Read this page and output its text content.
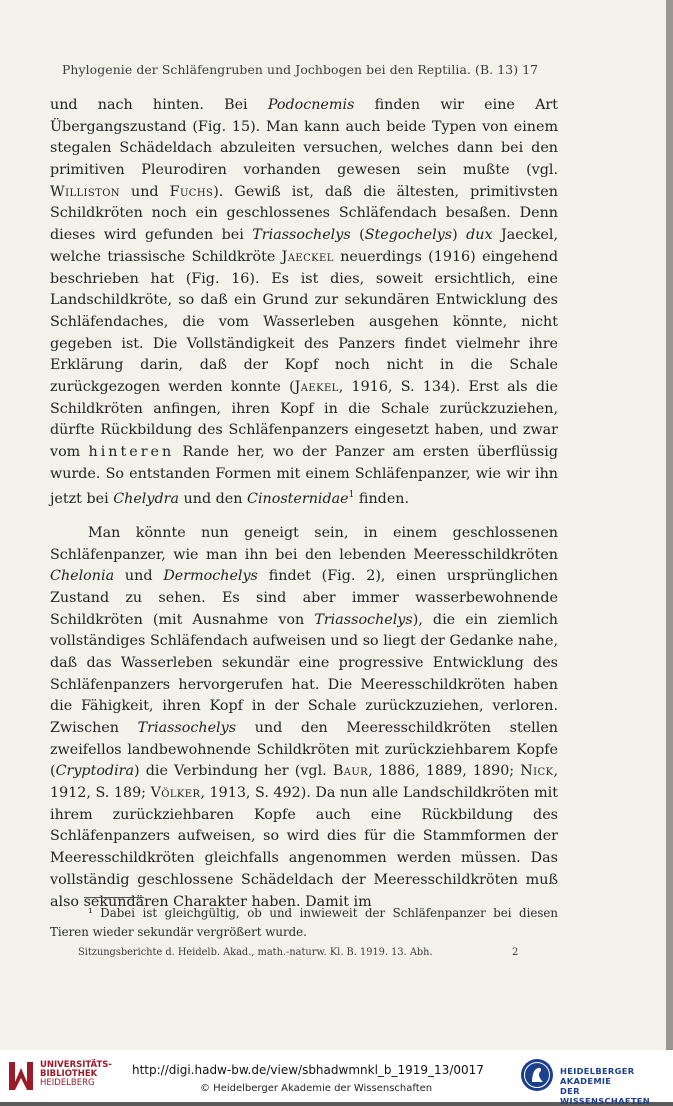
Phylogenie der Schläfengruben und Jochbogen bei den Reptilia. (B. 13) 17

und nach hinten. Bei Podocnemis finden wir eine Art Übergangszustand (Fig. 15). Man kann auch beide Typen von einem stegalen Schädeldach abzuleiten versuchen, welches dann bei den primitiven Pleurodiren vorhanden gewesen sein mußte (vgl. Williston und Fuchs). Gewiß ist, daß die ältesten, primitivsten Schildkröten noch ein geschlossenes Schläfendach besaßen. Denn dieses wird gefunden bei Triassochelys (Stegochelys) dux Jaeckel, welche triassische Schildkröte Jaeckel neuerdings (1916) eingehend beschrieben hat (Fig. 16). Es ist dies, soweit ersichtlich, eine Landschildkröte, so daß ein Grund zur sekundären Entwicklung des Schläfendaches, die vom Wasserleben ausgehen könnte, nicht gegeben ist. Die Vollständigkeit des Panzers findet vielmehr ihre Erklärung darin, daß der Kopf noch nicht in die Schale zurückgezogen werden konnte (Jaekel, 1916, S. 134). Erst als die Schildkröten anfingen, ihren Kopf in die Schale zurückzuziehen, dürfte Rückbildung des Schläfenpanzers eingesetzt haben, und zwar vom hinteren Rande her, wo der Panzer am ersten überflüssig wurde. So entstanden Formen mit einem Schläfenpanzer, wie wir ihn jetzt bei Chelydra und den Cinosternidae$^1$ finden.

Man könnte nun geneigt sein, in einem geschlossenen Schläfenpanzer, wie man ihn bei den lebenden Meeresschildkröten Chelonia und Dermochelys findet (Fig. 2), einen ursprünglichen Zustand zu sehen. Es sind aber immer wasserbewohnende Schildkröten (mit Ausnahme von Triassochelys), die ein ziemlich vollständiges Schläfendach aufweisen und so liegt der Gedanke nahe, daß das Wasserleben sekundär eine progressive Entwicklung des Schläfenpanzers hervorgerufen hat. Die Meeresschildkröten haben die Fähigkeit, ihren Kopf in der Schale zurückzuziehen, verloren. Zwischen Triassochelys und den Meeresschildkröten stellen zweifellos landbewohnende Schildkröten mit zurückziehbarem Kopfe (Cryptodira) die Verbindung her (vgl. Baur, 1886, 1889, 1890; Nick, 1912, S. 189; Völker, 1913, S. 492). Da nun alle Landschildkröten mit ihrem zurückziehbaren Kopfe auch eine Rückbildung des Schläfenpanzers aufweisen, so wird dies für die Stammformen der Meeresschildkröten gleichfalls angenommen werden müssen. Das vollständig geschlossene Schädeldach der Meeresschildkröten muß also sekundären Charakter haben. Damit im

¹ Dabei ist gleichgültig, ob und inwieweit der Schläfenpanzer bei diesen Tieren wieder sekundär vergrößert wurde.
Sitzungsberichte d. Heidelb. Akad., math.-naturw. Kl. B. 1919. 13. Abh.	2
UNIVERSITÄTS-
BIBLIOTHEK
HEIDELBERG
http://digi.hadw-bw.de/view/sbhadwmnkl_b_1919_13/0017
© Heidelberger Akademie der Wissenschaften
HEIDELBERGER AKADEMIE
DER WISSENSCHAFTEN
